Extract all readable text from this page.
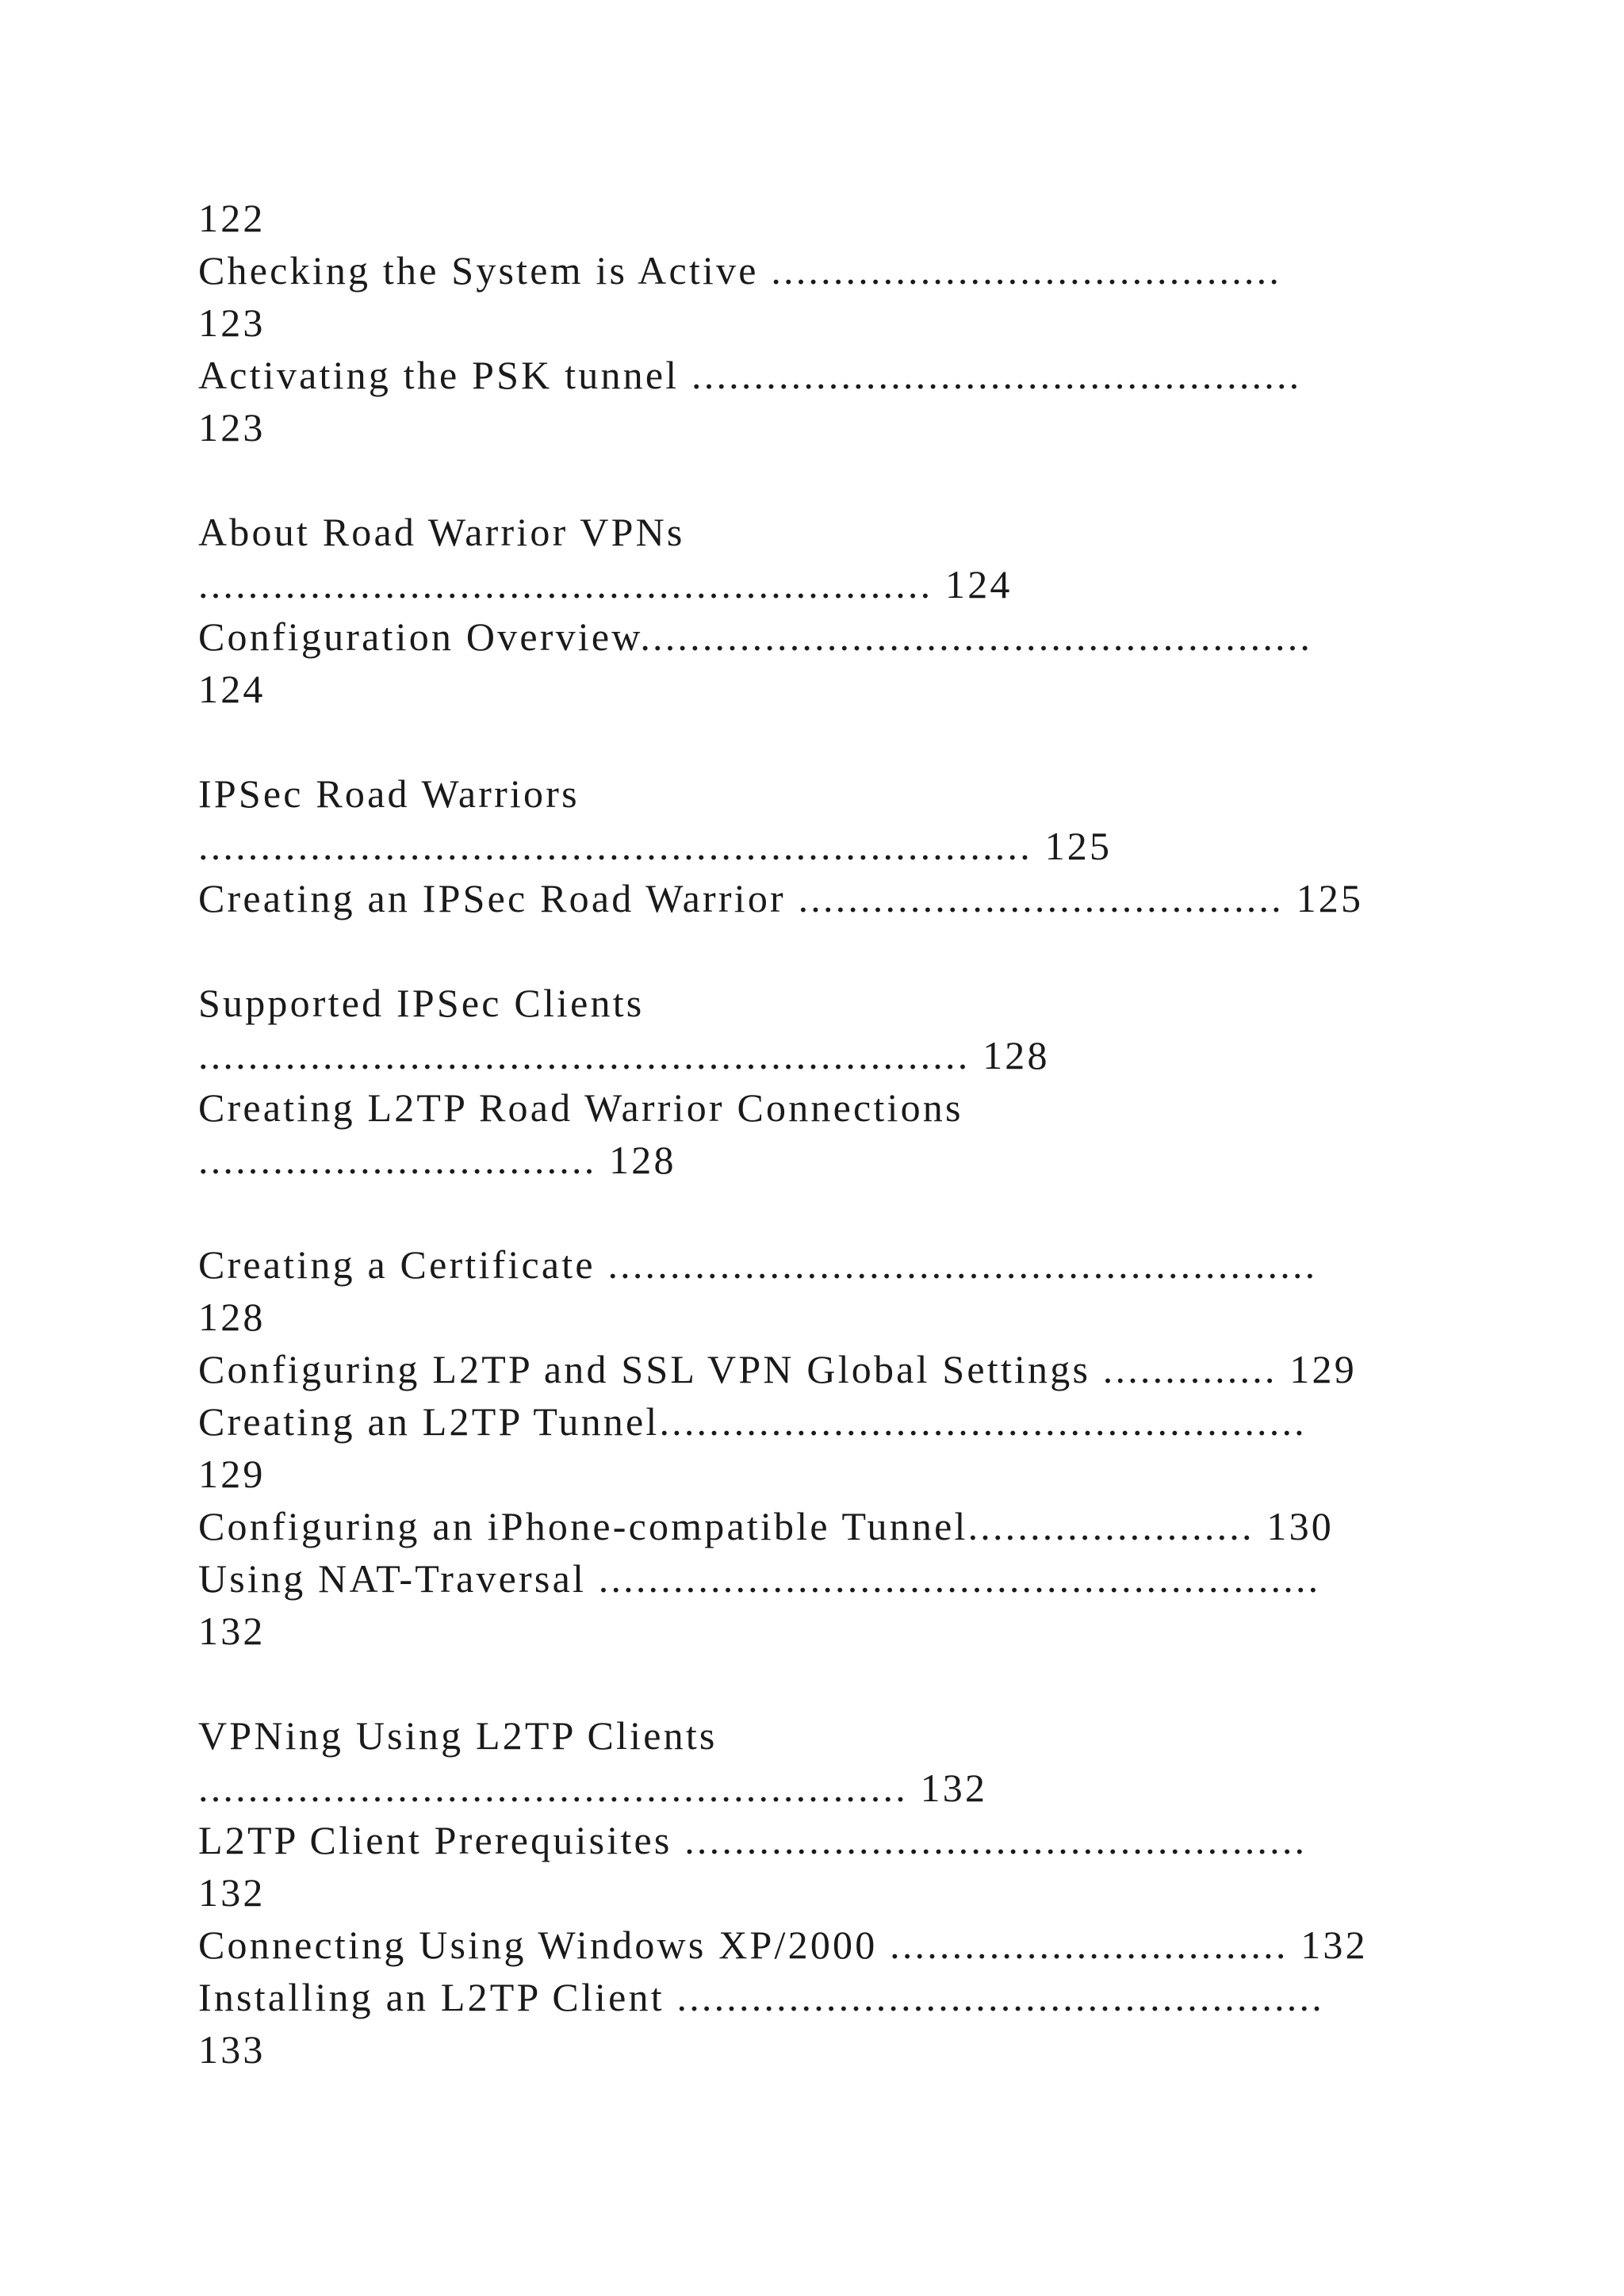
122
Checking the System is Active .........................................
123
Activating the PSK tunnel .................................................
123
About Road Warrior VPNs
........................................................... 124
Configuration Overview......................................................
124
IPSec Road Warriors
................................................................... 125
Creating an IPSec Road Warrior ....................................... 125
Supported IPSec Clients
.............................................................. 128
Creating L2TP Road Warrior Connections
................................ 128
Creating a Certificate .........................................................
128
Configuring L2TP and SSL VPN Global Settings .............. 129
Creating an L2TP Tunnel....................................................
129
Configuring an iPhone-compatible Tunnel....................... 130
Using NAT-Traversal ..........................................................
132
VPNing Using L2TP Clients
......................................................... 132
L2TP Client Prerequisites ..................................................
132
Connecting Using Windows XP/2000 ................................ 132
Installing an L2TP Client ....................................................
133
